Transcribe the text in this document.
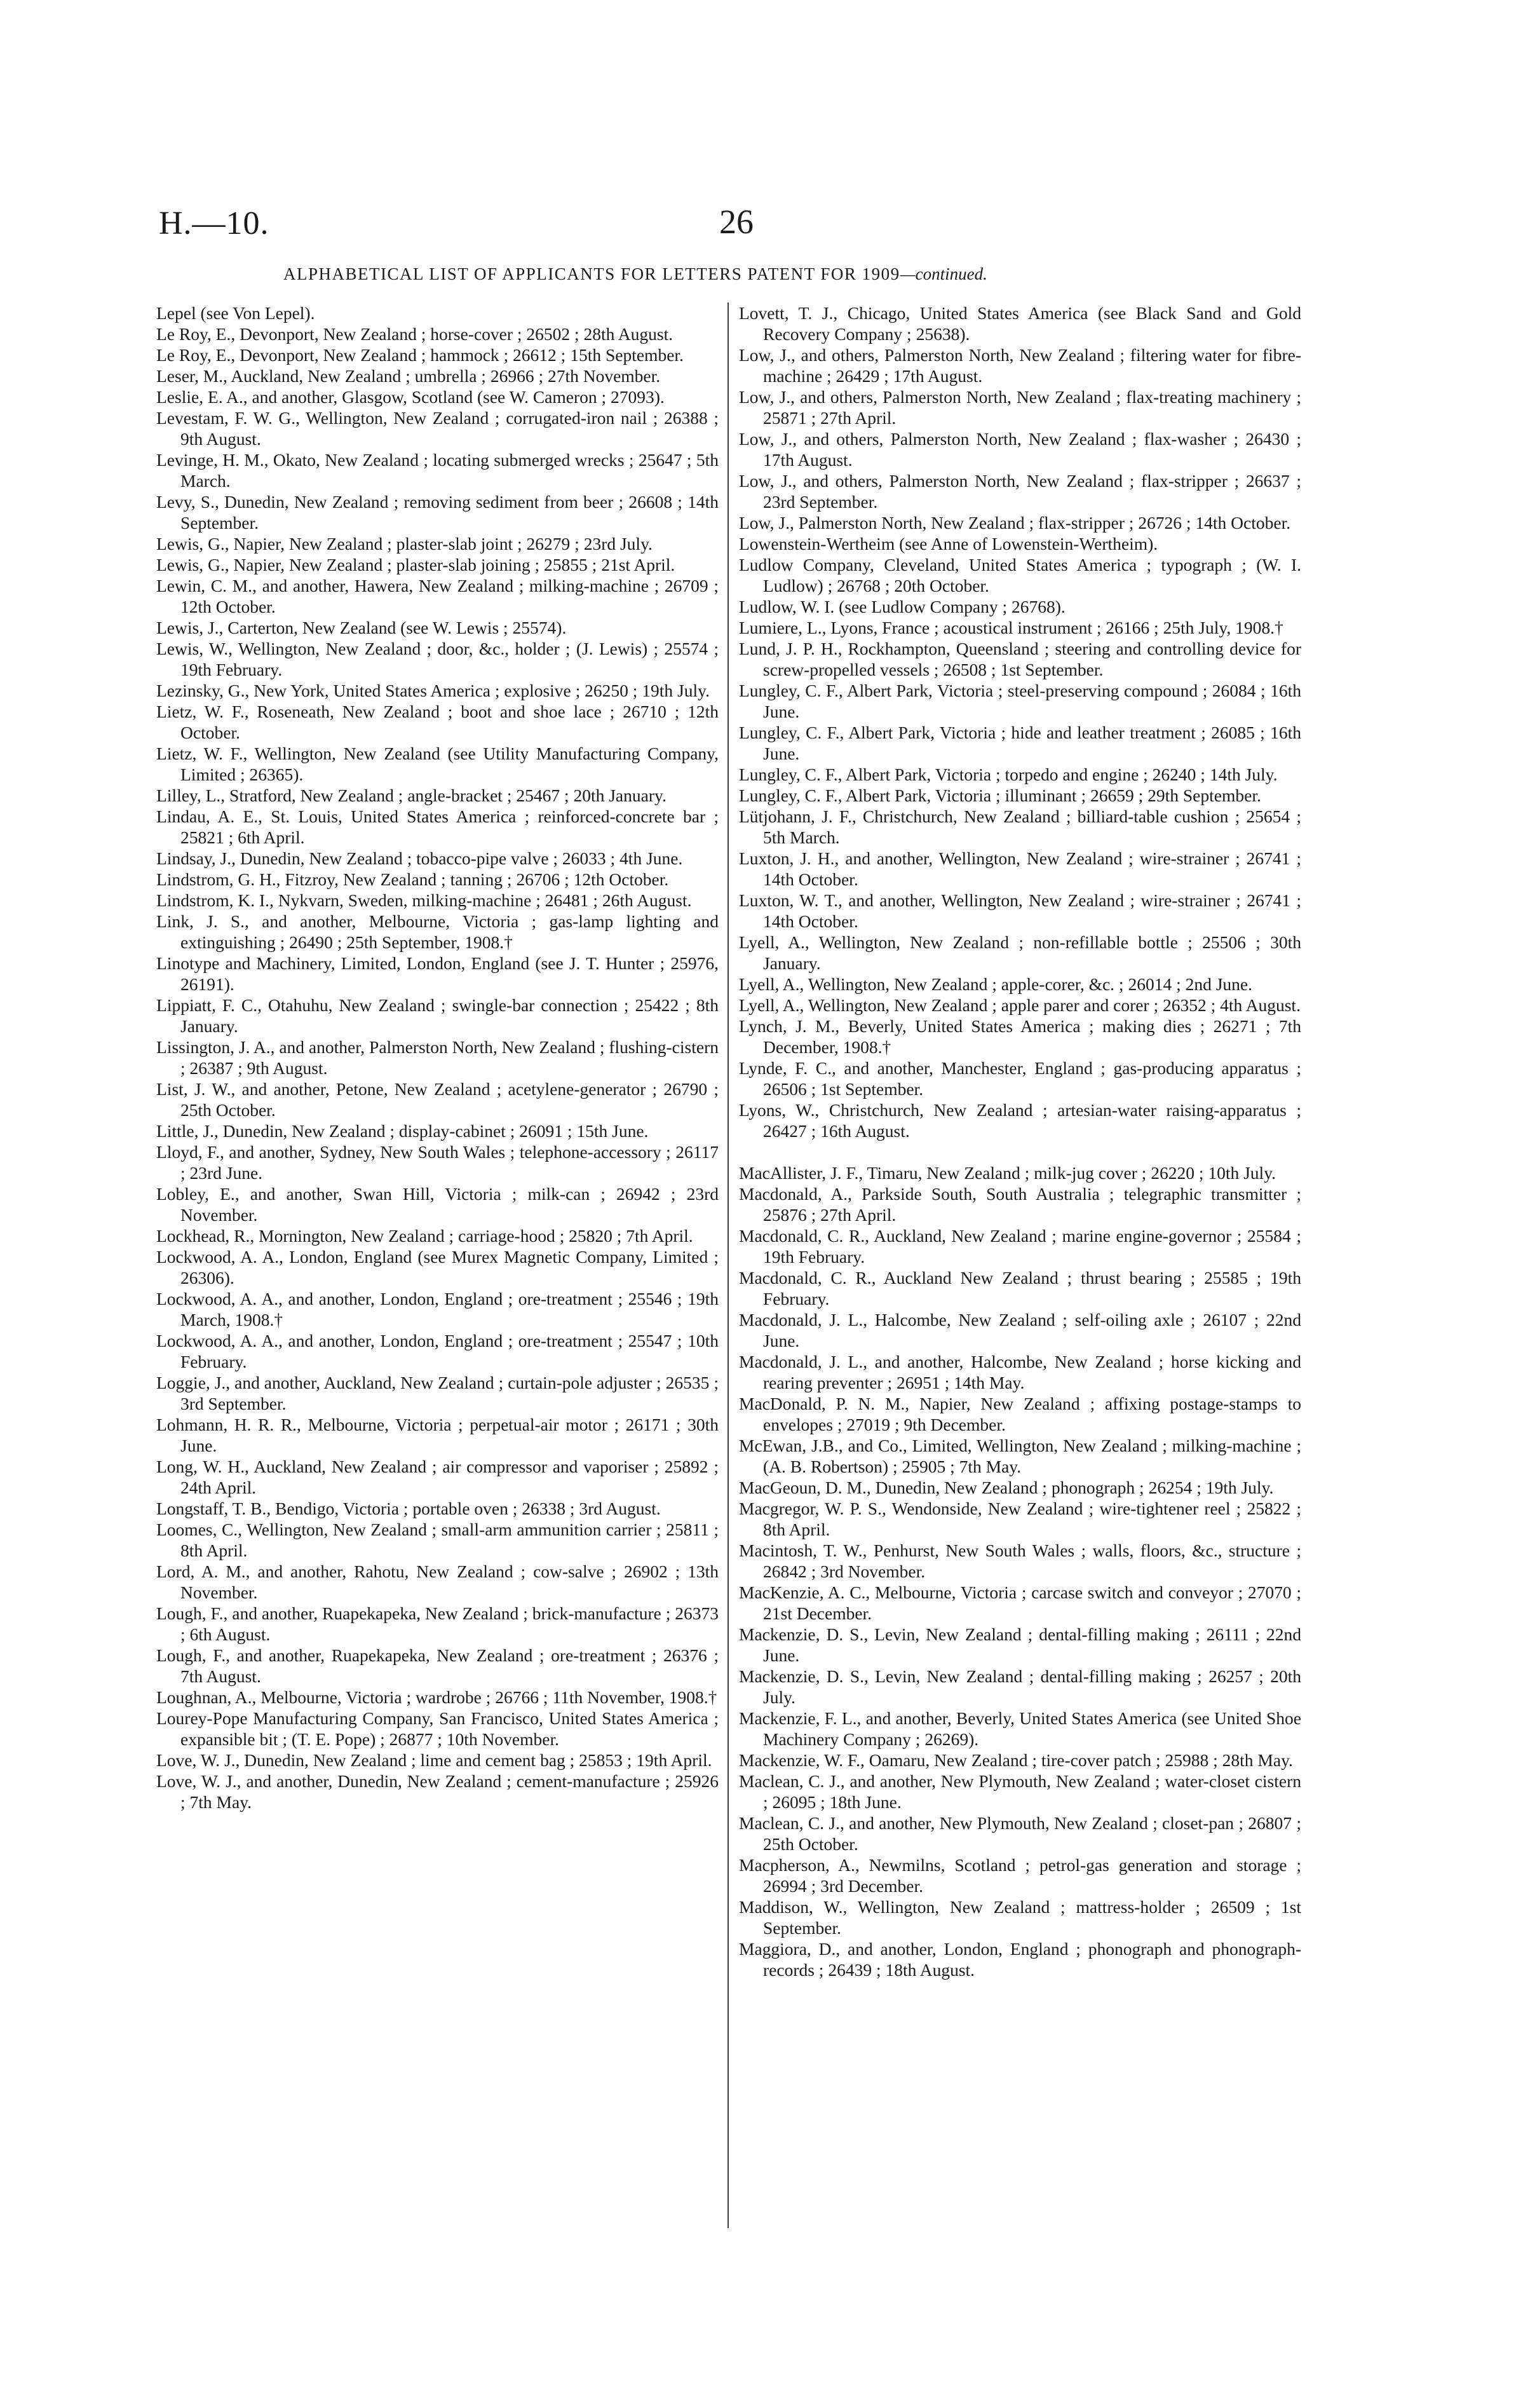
H.—10.	26
ALPHABETICAL LIST OF APPLICANTS FOR LETTERS PATENT FOR 1909—continued.

Lepel (see Von Lepel).

Le Roy, E., Devonport, New Zealand ; horse-cover ; 26502 ; 28th August.

Le Roy, E., Devonport, New Zealand ; hammock ; 26612 ; 15th September.

Leser, M., Auckland, New Zealand ; umbrella ; 26966 ; 27th November.

Leslie, E. A., and another, Glasgow, Scotland (see W. Cameron ; 27093).

Levestam, F. W. G., Wellington, New Zealand ; corrugated-iron nail ; 26388 ; 9th August.

Levinge, H. M., Okato, New Zealand ; locating submerged wrecks ; 25647 ; 5th March.

Levy, S., Dunedin, New Zealand ; removing sediment from beer ; 26608 ; 14th September.

Lewis, G., Napier, New Zealand ; plaster-slab joint ; 26279 ; 23rd July.

Lewis, G., Napier, New Zealand ; plaster-slab joining ; 25855 ; 21st April.

Lewin, C. M., and another, Hawera, New Zealand ; milking-machine ; 26709 ; 12th October.

Lewis, J., Carterton, New Zealand (see W. Lewis ; 25574).

Lewis, W., Wellington, New Zealand ; door, &c., holder ; (J. Lewis) ; 25574 ; 19th February.

Lezinsky, G., New York, United States America ; explosive ; 26250 ; 19th July.

Lietz, W. F., Roseneath, New Zealand ; boot and shoe lace ; 26710 ; 12th October.

Lietz, W. F., Wellington, New Zealand (see Utility Manufacturing Company, Limited ; 26365).

Lilley, L., Stratford, New Zealand ; angle-bracket ; 25467 ; 20th January.

Lindau, A. E., St. Louis, United States America ; reinforced-concrete bar ; 25821 ; 6th April.

Lindsay, J., Dunedin, New Zealand ; tobacco-pipe valve ; 26033 ; 4th June.

Lindstrom, G. H., Fitzroy, New Zealand ; tanning ; 26706 ; 12th October.

Lindstrom, K. I., Nykvarn, Sweden, milking-machine ; 26481 ; 26th August.

Link, J. S., and another, Melbourne, Victoria ; gas-lamp lighting and extinguishing ; 26490 ; 25th September, 1908.†

Linotype and Machinery, Limited, London, England (see J. T. Hunter ; 25976, 26191).

Lippiatt, F. C., Otahuhu, New Zealand ; swingle-bar connection ; 25422 ; 8th January.

Lissington, J. A., and another, Palmerston North, New Zealand ; flushing-cistern ; 26387 ; 9th August.

List, J. W., and another, Petone, New Zealand ; acetylene-generator ; 26790 ; 25th October.

Little, J., Dunedin, New Zealand ; display-cabinet ; 26091 ; 15th June.

Lloyd, F., and another, Sydney, New South Wales ; telephone-accessory ; 26117 ; 23rd June.

Lobley, E., and another, Swan Hill, Victoria ; milk-can ; 26942 ; 23rd November.

Lockhead, R., Mornington, New Zealand ; carriage-hood ; 25820 ; 7th April.

Lockwood, A. A., London, England (see Murex Magnetic Company, Limited ; 26306).

Lockwood, A. A., and another, London, England ; ore-treatment ; 25546 ; 19th March, 1908.†

Lockwood, A. A., and another, London, England ; ore-treatment ; 25547 ; 10th February.

Loggie, J., and another, Auckland, New Zealand ; curtain-pole adjuster ; 26535 ; 3rd September.

Lohmann, H. R. R., Melbourne, Victoria ; perpetual-air motor ; 26171 ; 30th June.

Long, W. H., Auckland, New Zealand ; air compressor and vaporiser ; 25892 ; 24th April.

Longstaff, T. B., Bendigo, Victoria ; portable oven ; 26338 ; 3rd August.

Loomes, C., Wellington, New Zealand ; small-arm ammunition carrier ; 25811 ; 8th April.

Lord, A. M., and another, Rahotu, New Zealand ; cow-salve ; 26902 ; 13th November.

Lough, F., and another, Ruapekapeka, New Zealand ; brick-manufacture ; 26373 ; 6th August.

Lough, F., and another, Ruapekapeka, New Zealand ; ore-treatment ; 26376 ; 7th August.

Loughnan, A., Melbourne, Victoria ; wardrobe ; 26766 ; 11th November, 1908.†

Lourey-Pope Manufacturing Company, San Francisco, United States America ; expansible bit ; (T. E. Pope) ; 26877 ; 10th November.

Love, W. J., Dunedin, New Zealand ; lime and cement bag ; 25853 ; 19th April.

Love, W. J., and another, Dunedin, New Zealand ; cement-manufacture ; 25926 ; 7th May.

Lovett, T. J., Chicago, United States America (see Black Sand and Gold Recovery Company ; 25638).

Low, J., and others, Palmerston North, New Zealand ; filtering water for fibre-machine ; 26429 ; 17th August.

Low, J., and others, Palmerston North, New Zealand ; flax-treating machinery ; 25871 ; 27th April.

Low, J., and others, Palmerston North, New Zealand ; flax-washer ; 26430 ; 17th August.

Low, J., and others, Palmerston North, New Zealand ; flax-stripper ; 26637 ; 23rd September.

Low, J., Palmerston North, New Zealand ; flax-stripper ; 26726 ; 14th October.

Lowenstein-Wertheim (see Anne of Lowenstein-Wertheim).

Ludlow Company, Cleveland, United States America ; typograph ; (W. I. Ludlow) ; 26768 ; 20th October.

Ludlow, W. I. (see Ludlow Company ; 26768).

Lumiere, L., Lyons, France ; acoustical instrument ; 26166 ; 25th July, 1908.†

Lund, J. P. H., Rockhampton, Queensland ; steering and controlling device for screw-propelled vessels ; 26508 ; 1st September.

Lungley, C. F., Albert Park, Victoria ; steel-preserving compound ; 26084 ; 16th June.

Lungley, C. F., Albert Park, Victoria ; hide and leather treatment ; 26085 ; 16th June.

Lungley, C. F., Albert Park, Victoria ; torpedo and engine ; 26240 ; 14th July.

Lungley, C. F., Albert Park, Victoria ; illuminant ; 26659 ; 29th September.

Lütjohann, J. F., Christchurch, New Zealand ; billiard-table cushion ; 25654 ; 5th March.

Luxton, J. H., and another, Wellington, New Zealand ; wire-strainer ; 26741 ; 14th October.

Luxton, W. T., and another, Wellington, New Zealand ; wire-strainer ; 26741 ; 14th October.

Lyell, A., Wellington, New Zealand ; non-refillable bottle ; 25506 ; 30th January.

Lyell, A., Wellington, New Zealand ; apple-corer, &c. ; 26014 ; 2nd June.

Lyell, A., Wellington, New Zealand ; apple parer and corer ; 26352 ; 4th August.

Lynch, J. M., Beverly, United States America ; making dies ; 26271 ; 7th December, 1908.†

Lynde, F. C., and another, Manchester, England ; gas-producing apparatus ; 26506 ; 1st September.

Lyons, W., Christchurch, New Zealand ; artesian-water raising-apparatus ; 26427 ; 16th August.

MacAllister, J. F., Timaru, New Zealand ; milk-jug cover ; 26220 ; 10th July.

Macdonald, A., Parkside South, South Australia ; telegraphic transmitter ; 25876 ; 27th April.

Macdonald, C. R., Auckland, New Zealand ; marine engine-governor ; 25584 ; 19th February.

Macdonald, C. R., Auckland New Zealand ; thrust bearing ; 25585 ; 19th February.

Macdonald, J. L., Halcombe, New Zealand ; self-oiling axle ; 26107 ; 22nd June.

Macdonald, J. L., and another, Halcombe, New Zealand ; horse kicking and rearing preventer ; 26951 ; 14th May.

MacDonald, P. N. M., Napier, New Zealand ; affixing postage-stamps to envelopes ; 27019 ; 9th December.

McEwan, J.B., and Co., Limited, Wellington, New Zealand ; milking-machine ; (A. B. Robertson) ; 25905 ; 7th May.

MacGeoun, D. M., Dunedin, New Zealand ; phonograph ; 26254 ; 19th July.

Macgregor, W. P. S., Wendonside, New Zealand ; wire-tightener reel ; 25822 ; 8th April.

Macintosh, T. W., Penhurst, New South Wales ; walls, floors, &c., structure ; 26842 ; 3rd November.

MacKenzie, A. C., Melbourne, Victoria ; carcase switch and conveyor ; 27070 ; 21st December.

Mackenzie, D. S., Levin, New Zealand ; dental-filling making ; 26111 ; 22nd June.

Mackenzie, D. S., Levin, New Zealand ; dental-filling making ; 26257 ; 20th July.

Mackenzie, F. L., and another, Beverly, United States America (see United Shoe Machinery Company ; 26269).

Mackenzie, W. F., Oamaru, New Zealand ; tire-cover patch ; 25988 ; 28th May.

Maclean, C. J., and another, New Plymouth, New Zealand ; water-closet cistern ; 26095 ; 18th June.

Maclean, C. J., and another, New Plymouth, New Zealand ; closet-pan ; 26807 ; 25th October.

Macpherson, A., Newmilns, Scotland ; petrol-gas generation and storage ; 26994 ; 3rd December.

Maddison, W., Wellington, New Zealand ; mattress-holder ; 26509 ; 1st September.

Maggiora, D., and another, London, England ; phonograph and phonograph-records ; 26439 ; 18th August.
